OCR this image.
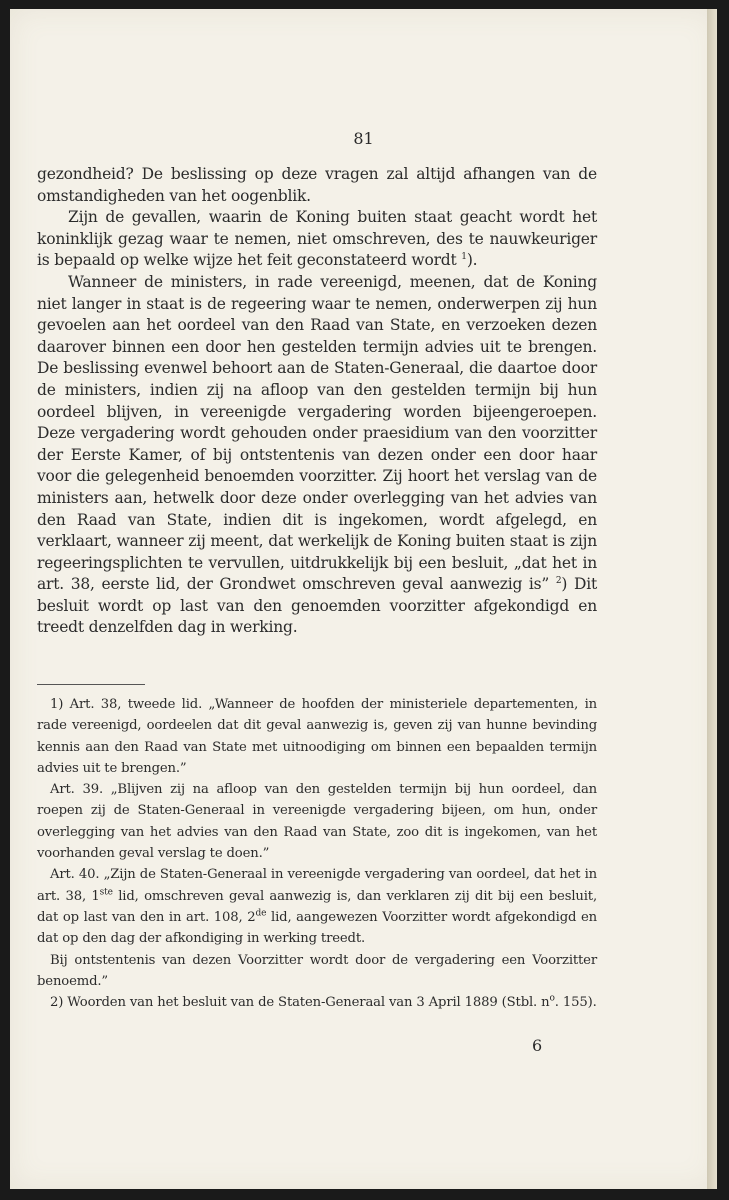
81

gezondheid? De beslissing op deze vragen zal altijd afhangen van de omstandigheden van het oogenblik.

Zijn de gevallen, waarin de Koning buiten staat geacht wordt het koninklijk gezag waar te nemen, niet omschreven, des te nauwkeuriger is bepaald op welke wijze het feit geconstateerd wordt $^1$).

Wanneer de ministers, in rade vereenigd, meenen, dat de Koning niet langer in staat is de regeering waar te nemen, onderwerpen zij hun gevoelen aan het oordeel van den Raad van State, en verzoeken dezen daarover binnen een door hen gestelden termijn advies uit te brengen. De beslissing evenwel behoort aan de Staten-Generaal, die daartoe door de ministers, indien zij na afloop van den gestelden termijn bij hun oordeel blijven, in vereenigde vergadering worden bijeengeroepen. Deze vergadering wordt gehouden onder praesidium van den voorzitter der Eerste Kamer, of bij ontstentenis van dezen onder een door haar voor die gelegenheid benoemden voorzitter. Zij hoort het verslag van de ministers aan, hetwelk door deze onder overlegging van het advies van den Raad van State, indien dit is ingekomen, wordt afgelegd, en verklaart, wanneer zij meent, dat werkelijk de Koning buiten staat is zijn regeeringsplichten te vervullen, uitdrukkelijk bij een besluit, „dat het in art. 38, eerste lid, der Grondwet omschreven geval aanwezig is” $^2$) Dit besluit wordt op last van den genoemden voorzitter afgekondigd en treedt denzelfden dag in werking.

1) Art. 38, tweede lid. „Wanneer de hoofden der ministeriele departementen, in rade vereenigd, oordeelen dat dit geval aanwezig is, geven zij van hunne bevinding kennis aan den Raad van State met uitnoodiging om binnen een bepaalden termijn advies uit te brengen.”

Art. 39. „Blijven zij na afloop van den gestelden termijn bij hun oordeel, dan roepen zij de Staten-Generaal in vereenigde vergadering bijeen, om hun, onder overlegging van het advies van den Raad van State, zoo dit is ingekomen, van het voorhanden geval verslag te doen.”

Art. 40. „Zijn de Staten-Generaal in vereenigde vergadering van oordeel, dat het in art. 38, 1ste lid, omschreven geval aanwezig is, dan verklaren zij dit bij een besluit, dat op last van den in art. 108, 2de lid, aangewezen Voorzitter wordt afgekondigd en dat op den dag der afkondiging in werking treedt.

Bij ontstentenis van dezen Voorzitter wordt door de vergadering een Voorzitter benoemd.”

2) Woorden van het besluit van de Staten-Generaal van 3 April 1889 (Stbl. $n^o$. 155).

6
